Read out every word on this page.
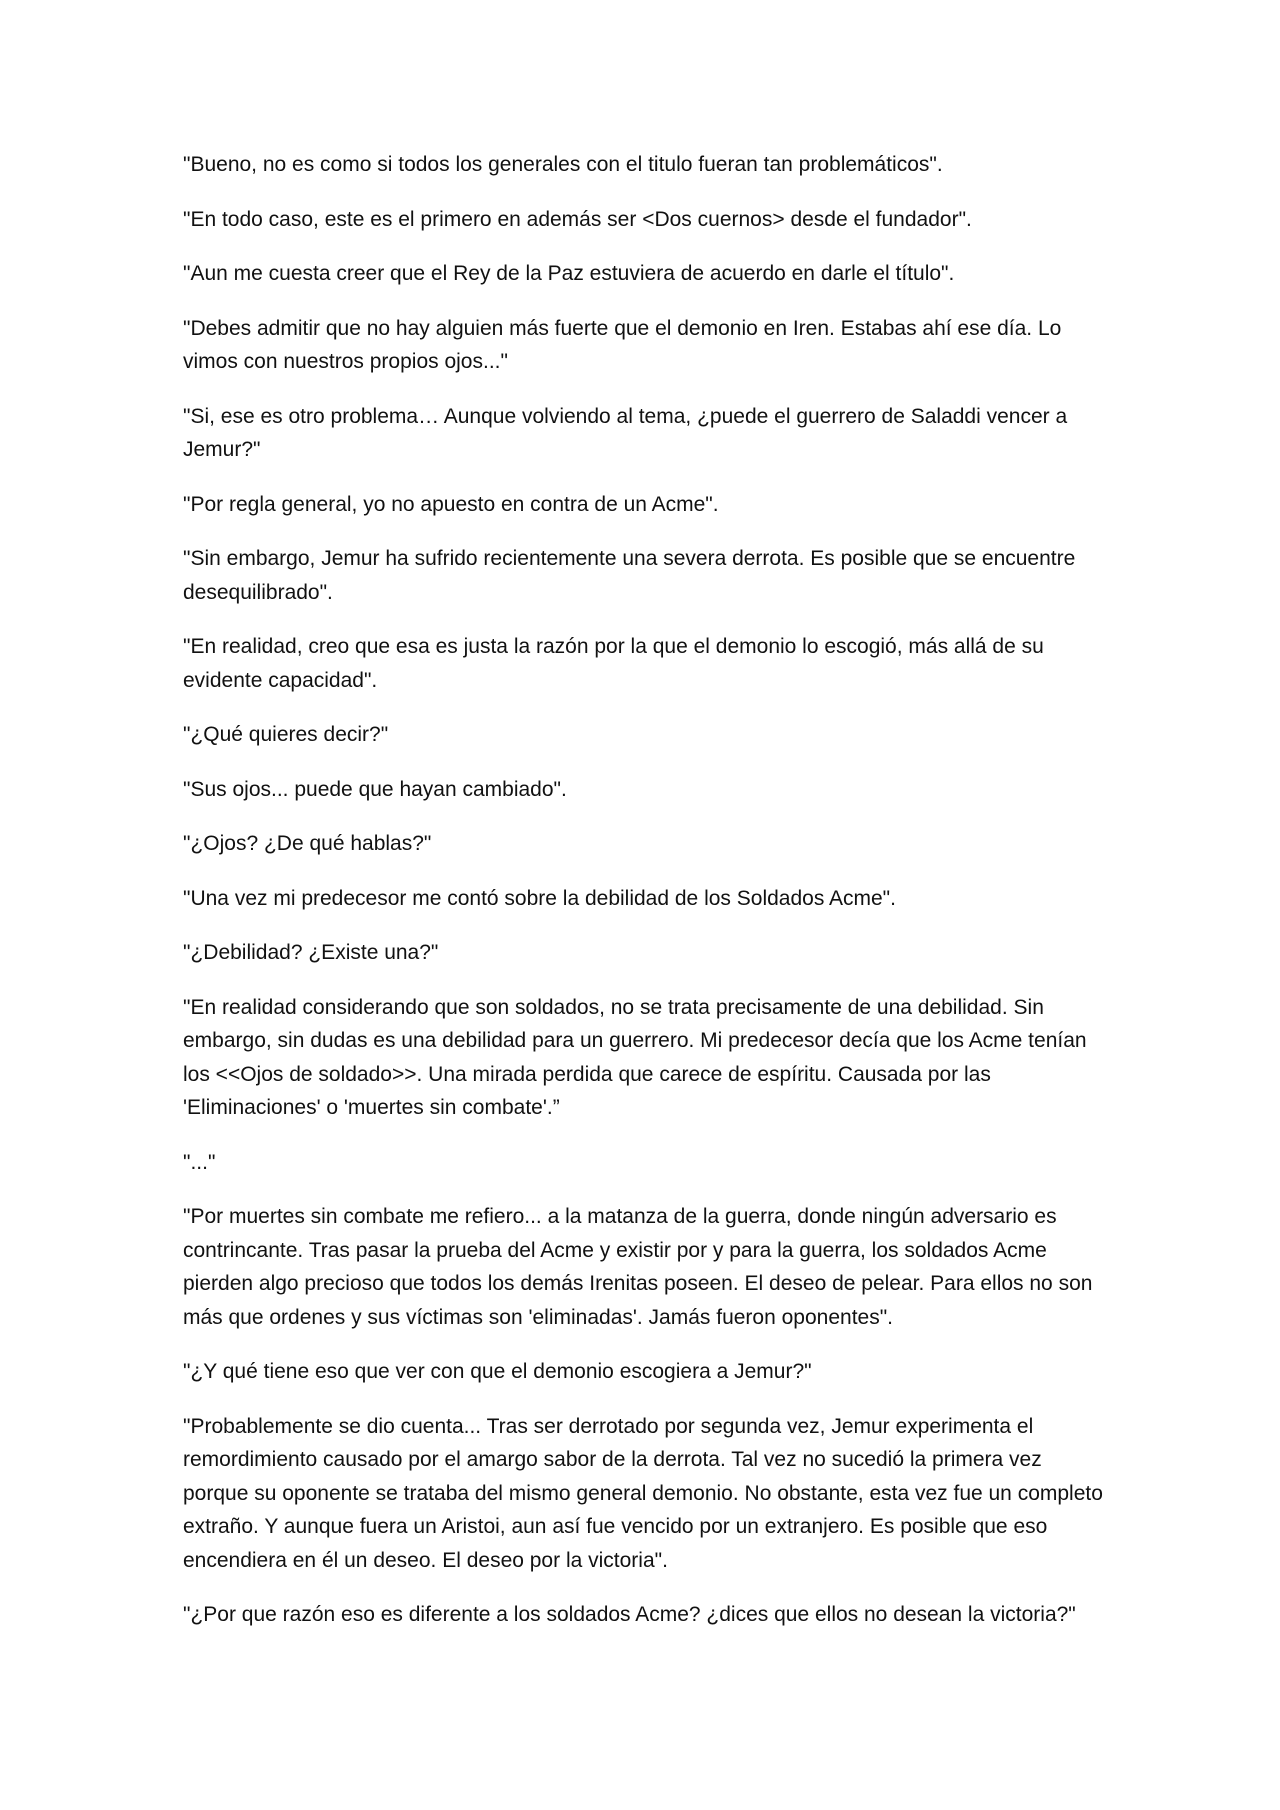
"Bueno, no es como si todos los generales con el titulo fueran tan problemáticos".

"En todo caso, este es el primero en además ser <Dos cuernos> desde el fundador".

"Aun me cuesta creer que el Rey de la Paz estuviera de acuerdo en darle el título".

"Debes admitir que no hay alguien más fuerte que el demonio en Iren. Estabas ahí ese día. Lo vimos con nuestros propios ojos..."

"Si, ese es otro problema… Aunque volviendo al tema, ¿puede el guerrero de Saladdi vencer a Jemur?"

"Por regla general, yo no apuesto en contra de un Acme".

"Sin embargo, Jemur ha sufrido recientemente una severa derrota. Es posible que se encuentre desequilibrado".

"En realidad, creo que esa es justa la razón por la que el demonio lo escogió, más allá de su evidente capacidad".

"¿Qué quieres decir?"

"Sus ojos... puede que hayan cambiado".

"¿Ojos? ¿De qué hablas?"

"Una vez mi predecesor me contó sobre la debilidad de los Soldados Acme".

"¿Debilidad? ¿Existe una?"

"En realidad considerando que son soldados, no se trata precisamente de una debilidad. Sin embargo, sin dudas es una debilidad para un guerrero. Mi predecesor decía que los Acme tenían los <<Ojos de soldado>>. Una mirada perdida que carece de espíritu. Causada por las 'Eliminaciones' o 'muertes sin combate'.”

"..."

"Por muertes sin combate me refiero... a la matanza de la guerra, donde ningún adversario es contrincante. Tras pasar la prueba del Acme y existir por y para la guerra, los soldados Acme pierden algo precioso que todos los demás Irenitas poseen. El deseo de pelear. Para ellos no son más que ordenes y sus víctimas son 'eliminadas'. Jamás fueron oponentes".

"¿Y qué tiene eso que ver con que el demonio escogiera a Jemur?"

"Probablemente se dio cuenta... Tras ser derrotado por segunda vez, Jemur experimenta el remordimiento causado por el amargo sabor de la derrota. Tal vez no sucedió la primera vez porque su oponente se trataba del mismo general demonio. No obstante, esta vez fue un completo extraño. Y aunque fuera un Aristoi, aun así fue vencido por un extranjero. Es posible que eso encendiera en él un deseo. El deseo por la victoria".

"¿Por que razón eso es diferente a los soldados Acme? ¿dices que ellos no desean la victoria?"
